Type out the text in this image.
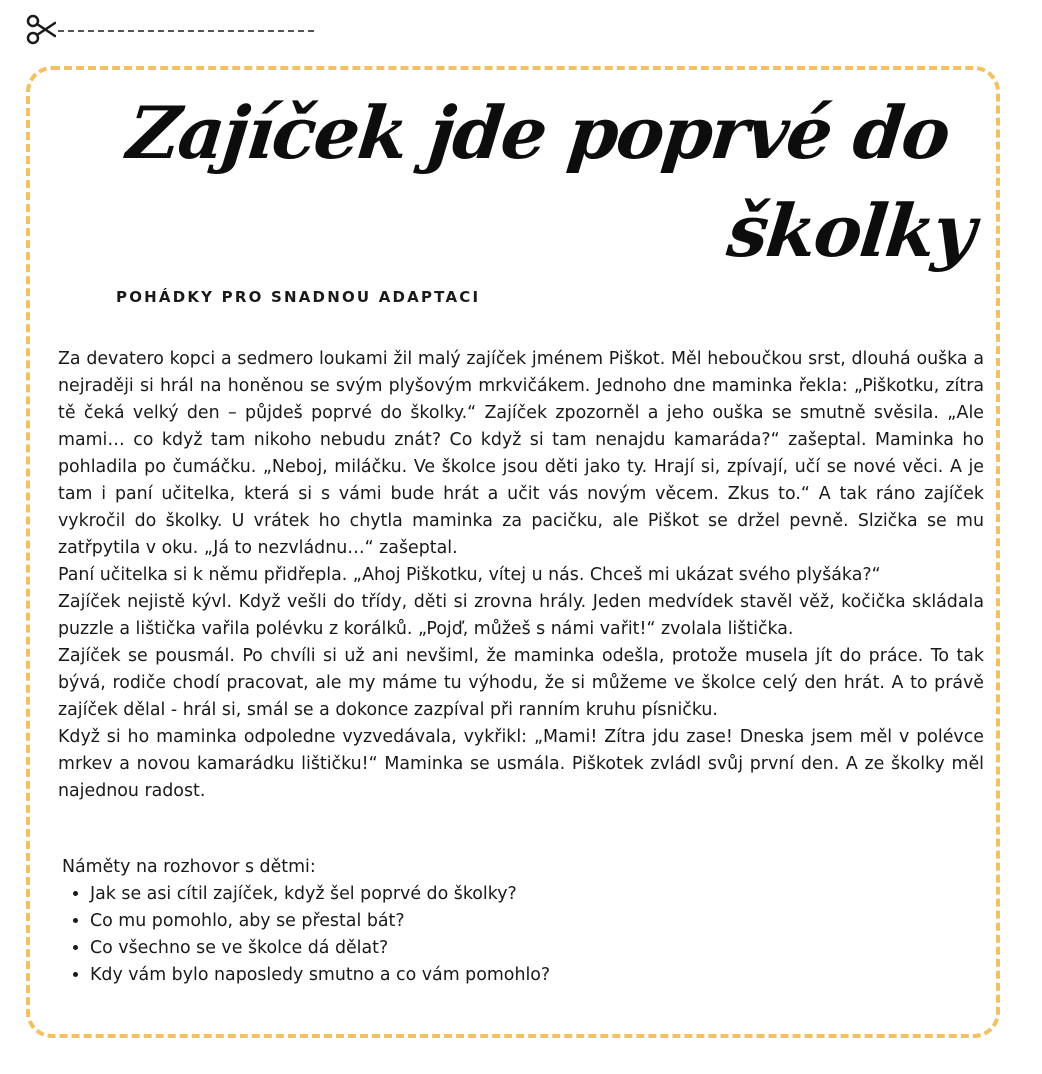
Zajíček jde poprvé do
školky
POHÁDKY PRO SNADNOU ADAPTACI

Za devatero kopci a sedmero loukami žil malý zajíček jménem Piškot. Měl heboučkou srst, dlouhá ouška a nejraději si hrál na honěnou se svým plyšovým mrkvičákem. Jednoho dne maminka řekla: „Piškotku, zítra tě čeká velký den – půjdeš poprvé do školky.“ Zajíček zpozorněl a jeho ouška se smutně svěsila. „Ale mami… co když tam nikoho nebudu znát? Co když si tam nenajdu kamaráda?“ zašeptal. Maminka ho pohladila po čumáčku. „Neboj, miláčku. Ve školce jsou děti jako ty. Hrají si, zpívají, učí se nové věci. A je tam i paní učitelka, která si s vámi bude hrát a učit vás novým věcem. Zkus to.“ A tak ráno zajíček vykročil do školky. U vrátek ho chytla maminka za pacičku, ale Piškot se držel pevně. Slzička se mu zatřpytila v oku. „Já to nezvládnu…“ zašeptal.

Paní učitelka si k němu přidřepla. „Ahoj Piškotku, vítej u nás. Chceš mi ukázat svého plyšáka?“

Zajíček nejistě kývl. Když vešli do třídy, děti si zrovna hrály. Jeden medvídek stavěl věž, kočička skládala puzzle a lištička vařila polévku z korálků. „Pojď, můžeš s námi vařit!“ zvolala lištička.

Zajíček se pousmál. Po chvíli si už ani nevšiml, že maminka odešla, protože musela jít do práce. To tak bývá, rodiče chodí pracovat, ale my máme tu výhodu, že si můžeme ve školce celý den hrát. A to právě zajíček dělal - hrál si, smál se a dokonce zazpíval při ranním kruhu písničku.

Když si ho maminka odpoledne vyzvedávala, vykřikl: „Mami! Zítra jdu zase! Dneska jsem měl v polévce mrkev a novou kamarádku lištičku!“ Maminka se usmála. Piškotek zvládl svůj první den. A ze školky měl najednou radost.

Náměty na rozhovor s dětmi:

• Jak se asi cítil zajíček, když šel poprvé do školky?
• Co mu pomohlo, aby se přestal bát?
• Co všechno se ve školce dá dělat?
• Kdy vám bylo naposledy smutno a co vám pomohlo?
